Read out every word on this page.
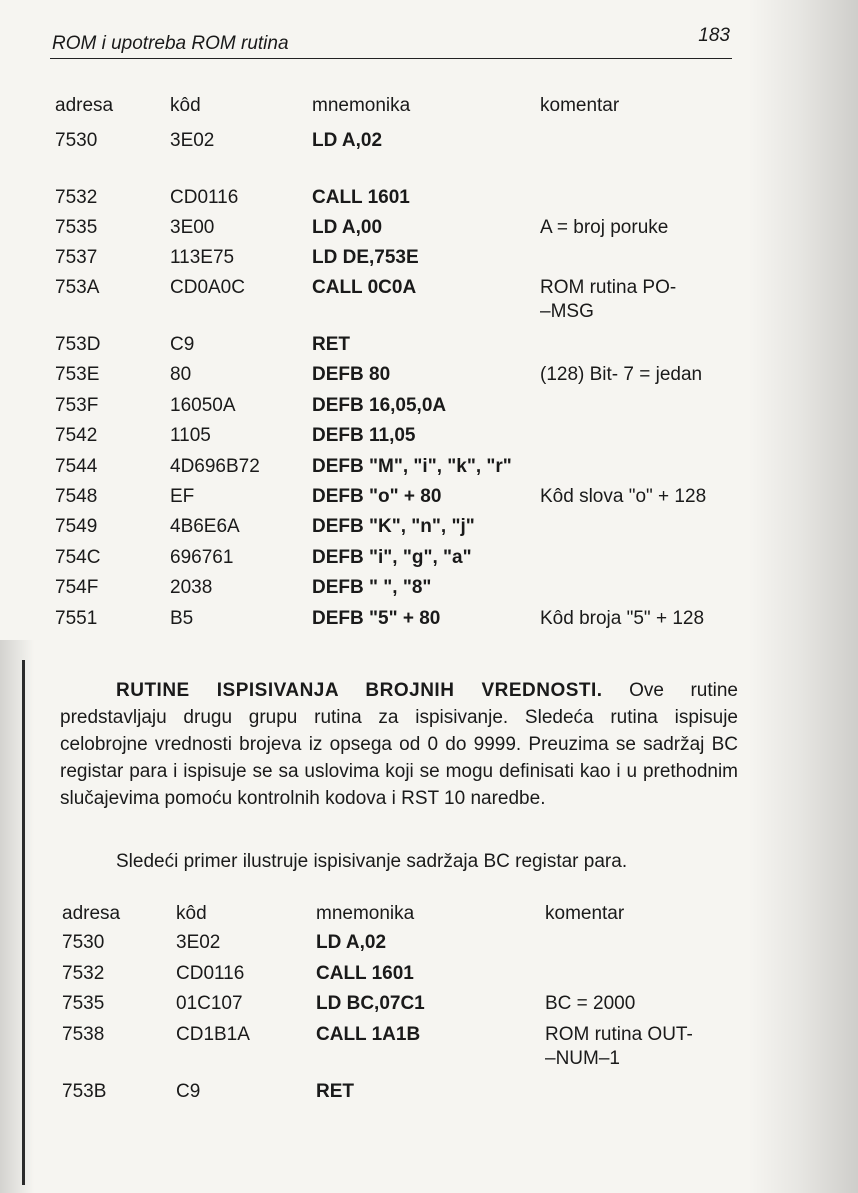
ROM i upotreba ROM rutina	183
adresa	kôd	mnemonika	komentar
7530	3E02	LD A,02
7532	CD0116	CALL 1601
7535	3E00	LD A,00	A = broj poruke
7537	113E75	LD DE,753E
753A	CD0A0C	CALL 0C0A	ROM rutina PO-
–MSG
753D	C9	RET
753E	80	DEFB 80	(128) Bit- 7 = jedan
753F	16050A	DEFB 16,05,0A
7542	1105	DEFB 11,05
7544	4D696B72	DEFB "M", "i", "k", "r"
7548	EF	DEFB "o" + 80	Kôd slova "o" + 128
7549	4B6E6A	DEFB "K", "n", "j"
754C	696761	DEFB "i", "g", "a"
754F	2038	DEFB " ", "8"
7551	B5	DEFB "5" + 80	Kôd broja "5" + 128
RUTINE ISPISIVANJA BROJNIH VREDNOSTI. Ove rutine predstavljaju drugu grupu rutina za ispisivanje. Sledeća rutina ispisuje celobrojne vrednosti brojeva iz opsega od 0 do 9999. Preuzima se sadržaj BC registar para i ispisuje se sa uslovima koji se mogu definisati kao i u prethodnim slučajevima pomoću kontrolnih kodova i RST 10 naredbe.
Sledeći primer ilustruje ispisivanje sadržaja BC registar para.
adresa	kôd	mnemonika	komentar
7530	3E02	LD A,02
7532	CD0116	CALL 1601
7535	01C107	LD BC,07C1	BC = 2000
7538	CD1B1A	CALL 1A1B	ROM rutina OUT-
–NUM–1
753B	C9	RET
